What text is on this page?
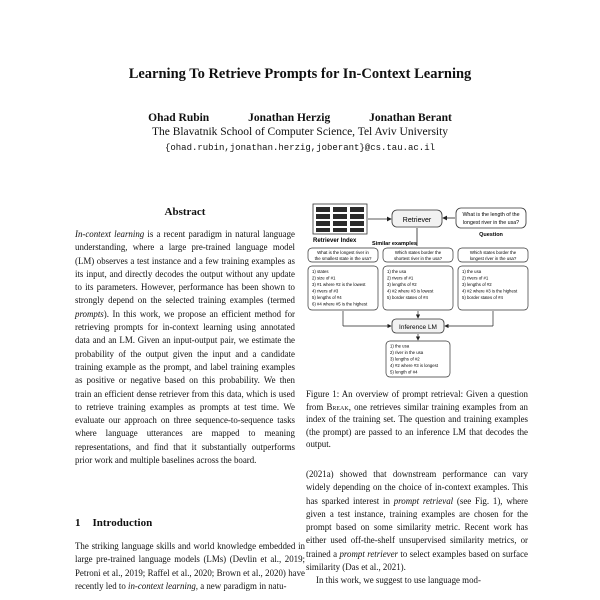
Learning To Retrieve Prompts for In-Context Learning
Ohad Rubin	Jonathan Herzig	Jonathan Berant
The Blavatnik School of Computer Science, Tel Aviv University
{ohad.rubin,jonathan.herzig,joberant}@cs.tau.ac.il
Abstract

In-context learning is a recent paradigm in natural language understanding, where a large pre-trained language model (LM) observes a test instance and a few training examples as its input, and directly decodes the output without any update to its parameters. However, performance has been shown to strongly depend on the selected training examples (termed prompts). In this work, we propose an efficient method for retrieving prompts for in-context learning using annotated data and an LM. Given an input-output pair, we estimate the probability of the output given the input and a candidate training example as the prompt, and label training examples as positive or negative based on this probability. We then train an efficient dense retriever from this data, which is used to retrieve training examples as prompts at test time. We evaluate our approach on three sequence-to-sequence tasks where language utterances are mapped to meaning representations, and find that it substantially outperforms prior work and multiple baselines across the board.

1 Introduction

The striking language skills and world knowledge embedded in large pre-trained language models (LMs) (Devlin et al., 2019; Petroni et al., 2019; Raffel et al., 2020; Brown et al., 2020) have recently led to in-context learning, a new paradigm in natu-

Retriever Index
Retriever
What is the length of the
longest river in the usa?
Question
Similar examples
What is the longest river in
the smallest state in the usa?
1) states
2) size of #1
3) #1 where #2 is the lowest
4) rivers of #3
5) lengths of #4
6) #4 where #5 is the highest
Which states border the
shortest river in the usa?
1) the usa
2) rivers of #1
3) lengths of #2
4) #2 where #3 is lowest
5) border states of #4
Which states border the
longest river in the usa?
1) the usa
2) rivers of #1
3) lengths of #2
4) #2 where #3 is the highest
5) border states of #4
Inference LM
1) the usa
2) river in the usa
3) lengths of #2
4) #2 where #3 is longest
5) length of #4

Figure 1: An overview of prompt retrieval: Given a question from Break, one retrieves similar training examples from an index of the training set. The question and training examples (the prompt) are passed to an inference LM that decodes the output.

(2021a) showed that downstream performance can vary widely depending on the choice of in-context examples. This has sparked interest in prompt retrieval (see Fig. 1), where given a test instance, training examples are chosen for the prompt based on some similarity metric. Recent work has either used off-the-shelf unsupervised similarity metrics, or trained a prompt retriever to select examples based on surface similarity (Das et al., 2021).

In this work, we suggest to use language mod-
